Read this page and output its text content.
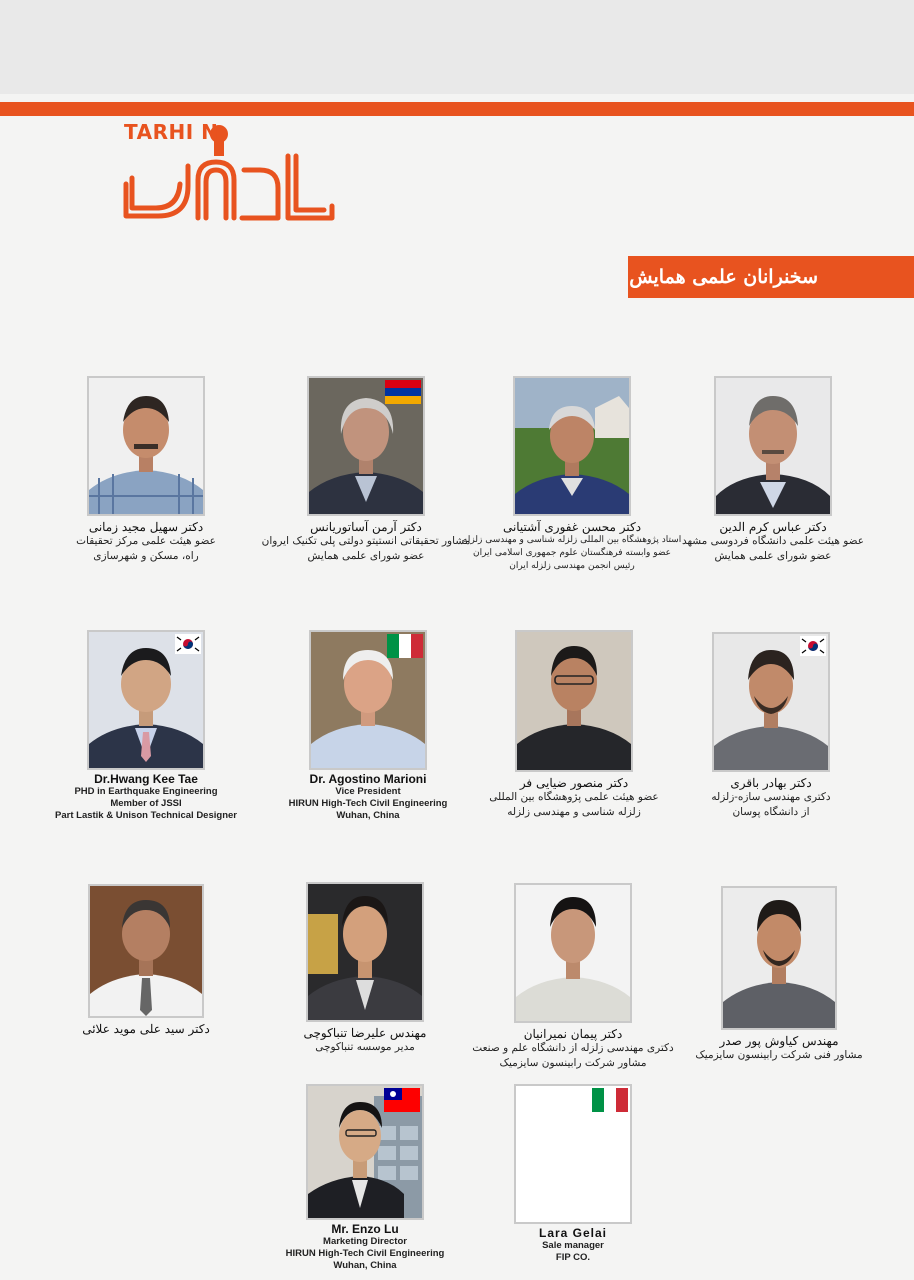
TARHI N
سخنرانان علمی همایش
دکتر عباس کرم الدین
عضو هیئت علمی دانشگاه فردوسی مشهد
عضو شورای علمی همایش
دکتر محسن غفوری آشتیانی
استاد پژوهشگاه بین المللی زلزله شناسی و مهندسی زلزله
عضو وابسته فرهنگستان علوم جمهوری اسلامی ایران
رئیس انجمن مهندسی زلزله ایران
دکتر آرمن آساتوریانس
مشاور تحقیقاتی انستیتو دولتی پلی تکنیک ایروان
عضو شورای علمی همایش
دکتر سهیل مجید زمانی
عضو هیئت علمی مرکز تحقیقات
راه، مسکن و شهرسازی
دکتر بهادر باقری
دکتری مهندسی سازه-زلزله
از دانشگاه پوسان
دکتر منصور ضیایی فر
عضو هیئت علمی پژوهشگاه بین المللی
زلزله شناسی و مهندسی زلزله
Dr. Agostino Marioni
Vice President
HIRUN High-Tech Civil Engineering
Wuhan, China
Dr.Hwang Kee Tae
PHD in Earthquake Engineering
Member of JSSI
Part Lastik & Unison Technical Designer
مهندس کیاوش پور صدر
مشاور فنی شرکت رابینسون سایزمیک
دکتر پیمان نمیرانیان
دکتری مهندسی زلزله از دانشگاه علم و صنعت
مشاور شرکت رابینسون سایزمیک
مهندس علیرضا تنباکوچی
مدیر موسسه تنباکوچی
دکتر سید علی موید علائی
Lara Gelai
Sale manager
FIP CO.
Mr. Enzo Lu
Marketing Director
HIRUN High-Tech Civil Engineering
Wuhan, China
